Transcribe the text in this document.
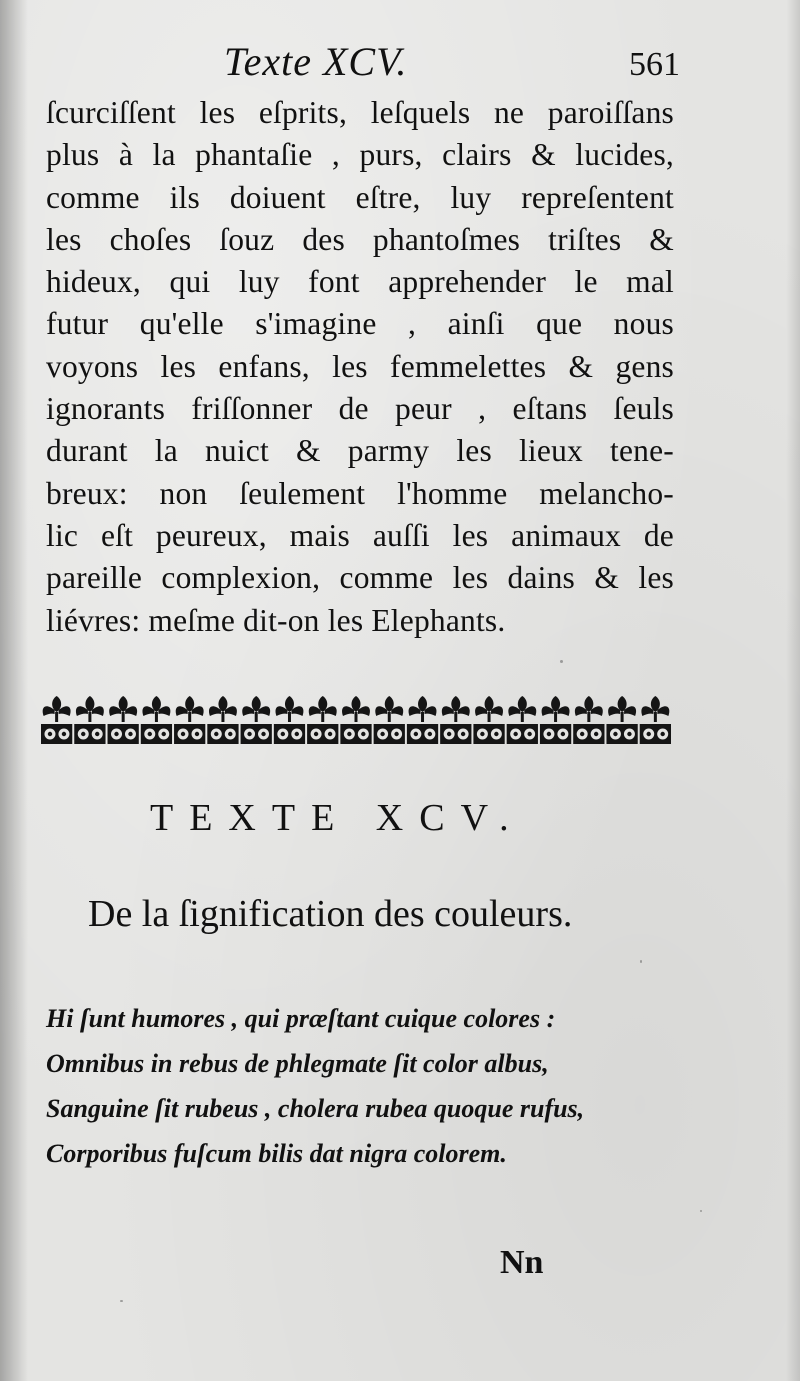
Texte XCV.	561
ſcurciſſent les eſprits, leſquels ne paroiſſans
plus à la phantaſie , purs, clairs & lucides,
comme ils doiuent eſtre, luy repreſentent
les choſes ſouz des phantoſmes triſtes &
hideux, qui luy font apprehender le mal
futur qu'elle s'imagine , ainſi que nous
voyons les enfans, les femmelettes & gens
ignorants friſſonner de peur , eſtans ſeuls
durant la nuict & parmy les lieux tene-
breux: non ſeulement l'homme melancho-
lic eſt peureux, mais auſſi les animaux de
pareille complexion, comme les dains & les
liévres: meſme dit-on les Elephants.
TEXTE XCV.
De la ſignification des couleurs.
Hi ſunt humores , qui præſtant cuique colores :
Omnibus in rebus de phlegmate ſit color albus,
Sanguine ſit rubeus , cholera rubea quoque rufus,
Corporibus fuſcum bilis dat nigra colorem.
Nn
